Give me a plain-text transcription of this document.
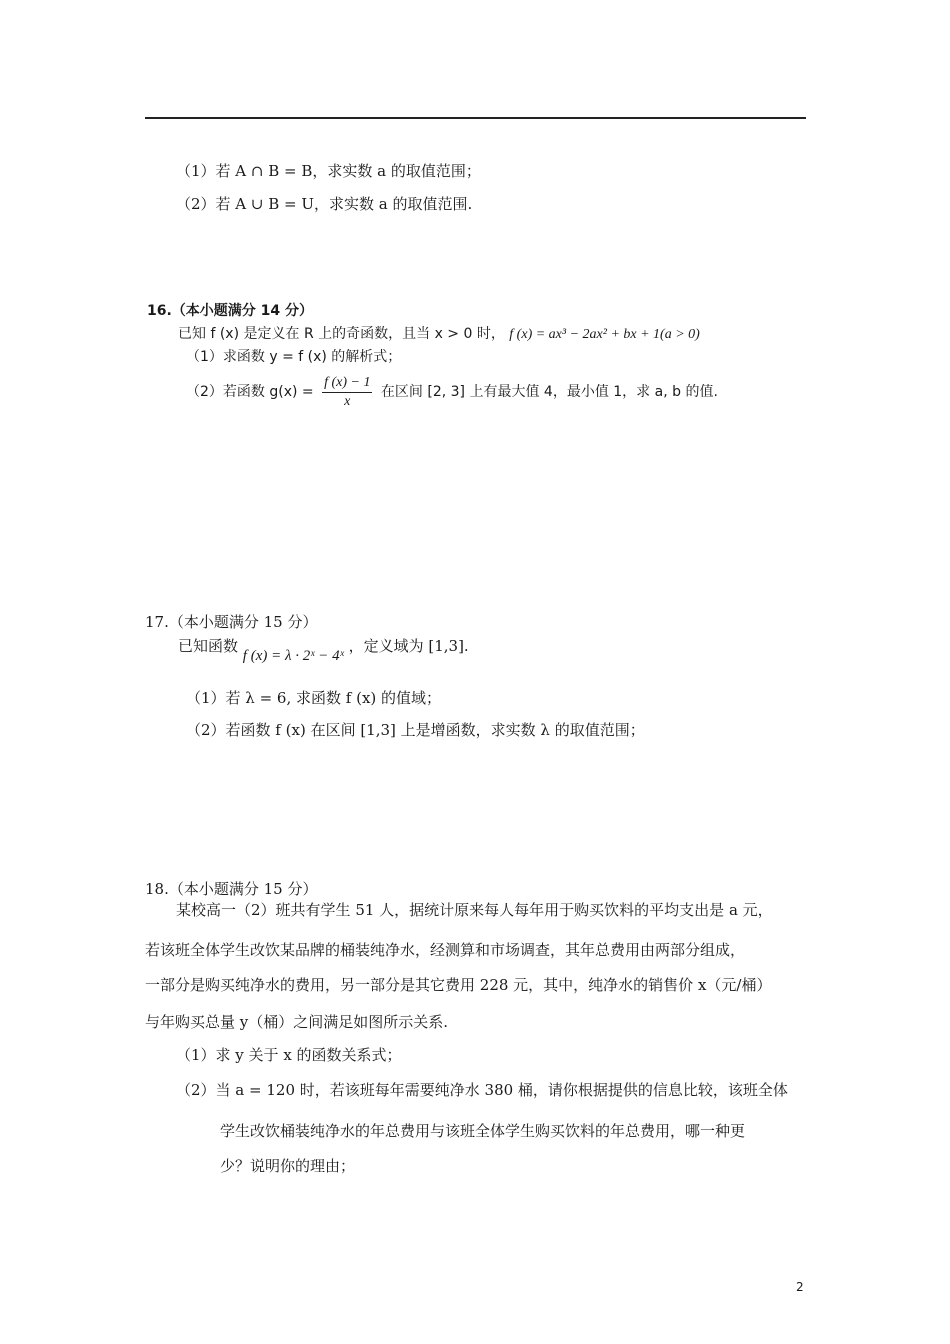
（1）若 A ∩ B = B，求实数 a 的取值范围；
（2）若 A ∪ B = U，求实数 a 的取值范围.
16.（本小题满分 14 分）
已知 f (x) 是定义在 R 上的奇函数，且当 x > 0 时， f (x) = ax³ − 2ax² + bx + 1(a > 0)
（1）求函数 y = f (x) 的解析式；
（2）若函数 $g(x) = \frac{f (x) - 1}{x}$ 在区间 [2, 3] 上有最大值 4，最小值 1，求 a, b 的值.
17.（本小题满分 15 分）
已知函数 f (x) = λ · 2ˣ − 4ˣ ，定义域为 [1,3].
（1）若 λ = 6, 求函数 f (x) 的值域；
（2）若函数 f (x) 在区间 [1,3] 上是增函数，求实数 λ 的取值范围；
18.（本小题满分 15 分）
某校高一（2）班共有学生 51 人，据统计原来每人每年用于购买饮料的平均支出是 a 元，
若该班全体学生改饮某品牌的桶装纯净水，经测算和市场调查，其年总费用由两部分组成，
一部分是购买纯净水的费用，另一部分是其它费用 228 元，其中，纯净水的销售价 x（元/桶）
与年购买总量 y（桶）之间满足如图所示关系.
（1）求 y 关于 x 的函数关系式；
（2）当 a = 120 时，若该班每年需要纯净水 380 桶，请你根据提供的信息比较，该班全体
学生改饮桶装纯净水的年总费用与该班全体学生购买饮料的年总费用，哪一种更
少？说明你的理由；
2
